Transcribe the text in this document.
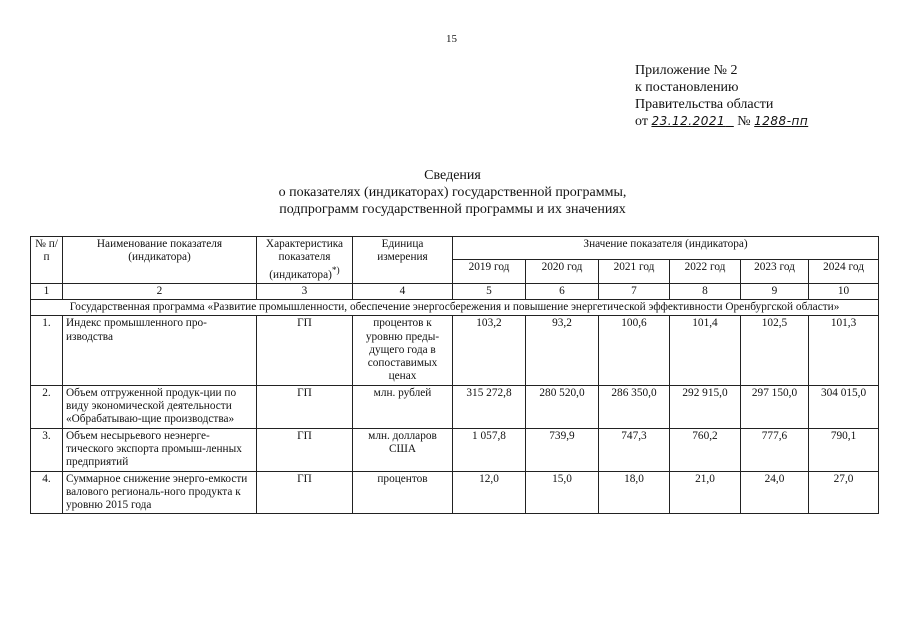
15
Приложение № 2
к постановлению
Правительства области
от 23.12.2021 № 1288-пп
Сведения
о показателях (индикаторах) государственной программы,
подпрограмм государственной программы и их значениях
№ п/п	Наименование показателя (индикатора)	Характеристика показателя (индикатора)*)	Единица измерения	Значение показателя (индикатора)					
				2019 год	2020 год	2021 год	2022 год	2023 год	2024 год
1	2	3	4	5	6	7	8	9	10
Государственная программа «Развитие промышленности, обеспечение энергосбережения и повышение энергетической эффективности Оренбургской области»									
1.	Индекс промышленного про-изводства	ГП	процентов к уровню преды-дущего года в сопоставимых ценах	103,2	93,2	100,6	101,4	102,5	101,3
2.	Объем отгруженной продук-ции по виду экономической деятельности «Обрабатываю-щие производства»	ГП	млн. рублей	315 272,8	280 520,0	286 350,0	292 915,0	297 150,0	304 015,0
3.	Объем несырьевого неэнерге-тического экспорта промыш-ленных предприятий	ГП	млн. долларов США	1 057,8	739,9	747,3	760,2	777,6	790,1
4.	Суммарное снижение энерго-емкости валового региональ-ного продукта к уровню 2015 года	ГП	процентов	12,0	15,0	18,0	21,0	24,0	27,0
